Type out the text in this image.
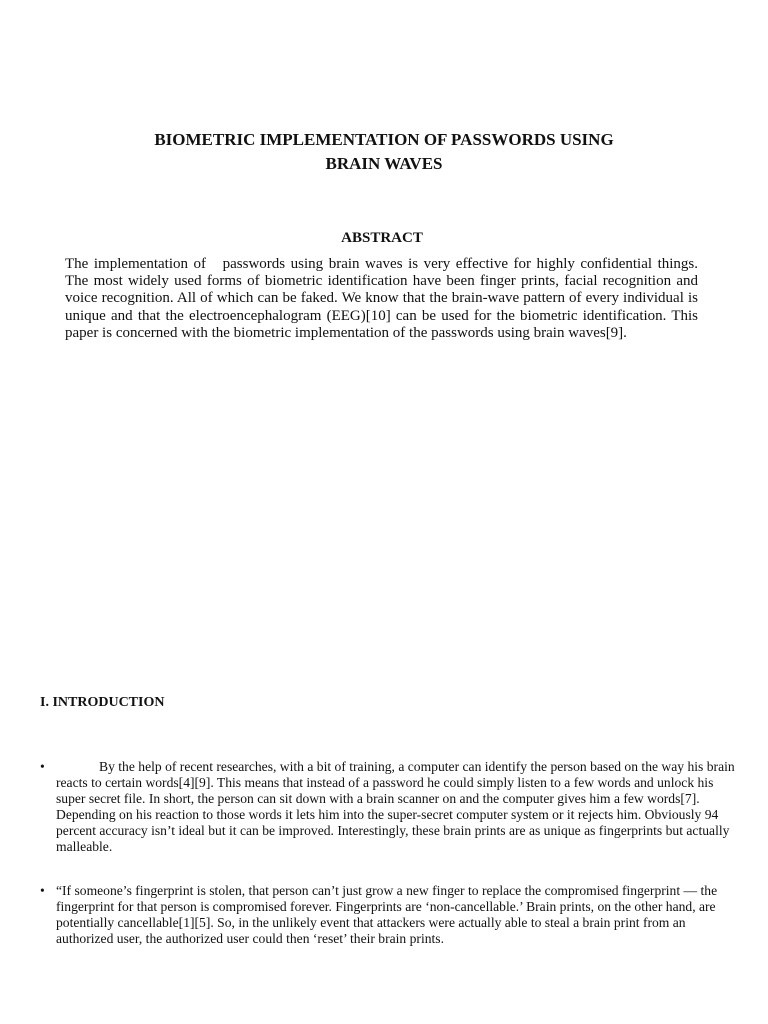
BIOMETRIC IMPLEMENTATION OF PASSWORDS USING
BRAIN WAVES
ABSTRACT
The implementation of   passwords using brain waves is very effective for highly confidential things. The most widely used forms of biometric identification have been finger prints, facial recognition and voice recognition. All of which can be faked. We know that the brain-wave pattern of every individual is unique and that the electroencephalogram (EEG)[10] can be used for the biometric identification. This paper is concerned with the biometric implementation of the passwords using brain waves[9].
I. INTRODUCTION
•	By the help of recent researches, with a bit of training, a computer can identify the person based on the way his brain reacts to certain words[4][9]. This means that instead of a password he could simply listen to a few words and unlock his super secret file. In short, the person can sit down with a brain scanner on and the computer gives him a few words[7]. Depending on his reaction to those words it lets him into the super-secret computer system or it rejects him. Obviously 94 percent accuracy isn’t ideal but it can be improved. Interestingly, these brain prints are as unique as fingerprints but actually malleable.
• “If someone’s fingerprint is stolen, that person can’t just grow a new finger to replace the compromised fingerprint — the fingerprint for that person is compromised forever. Fingerprints are ‘non-cancellable.’ Brain prints, on the other hand, are potentially cancellable[1][5]. So, in the unlikely event that attackers were actually able to steal a brain print from an authorized user, the authorized user could then ‘reset’ their brain prints.
